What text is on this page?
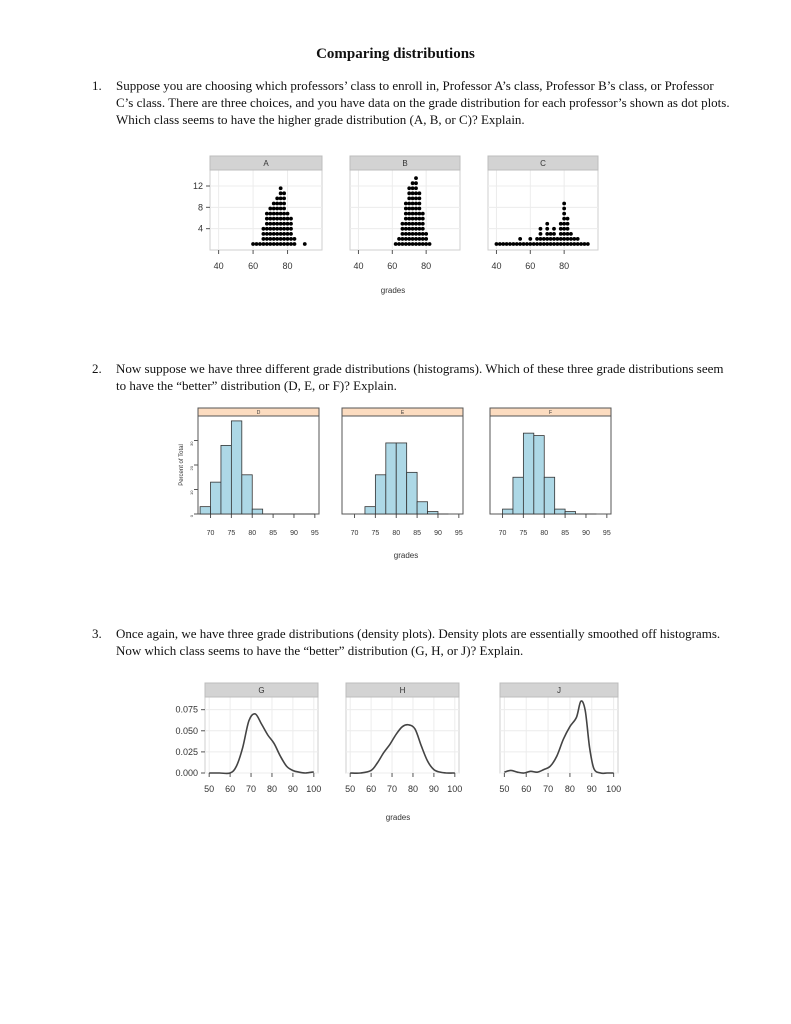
Comparing distributions
1.	Suppose you are choosing which professors’ class to enroll in, Professor A’s class, Professor B’s class, or Professor C’s class. There are three choices, and you have data on the grade distribution for each professor’s shown as dot plots. Which class seems to have the higher grade distribution (A, B, or C)? Explain.
2.	Now suppose we have three different grade distributions (histograms). Which of these three grade distributions seem to have the “better” distribution (D, E, or F)? Explain.
3.	Once again, we have three grade distributions (density plots). Density plots are essentially smoothed off histograms. Now which class seems to have the “better” distribution (G, H, or J)? Explain.
A
40	60	80
4
8
12
B
40	60	80
C
40	60	80
grades
D
70 75 80 85 90 95
0
10
20
30
E
70 75 80 85 90 95
F
70 75 80 85 90 95
grades
Percent of Total
G
50 60 70 80 90 100
0.000
0.025
0.050
0.075
H
50 60 70 80 90 100
J
50 60 70 80 90 100
grades
